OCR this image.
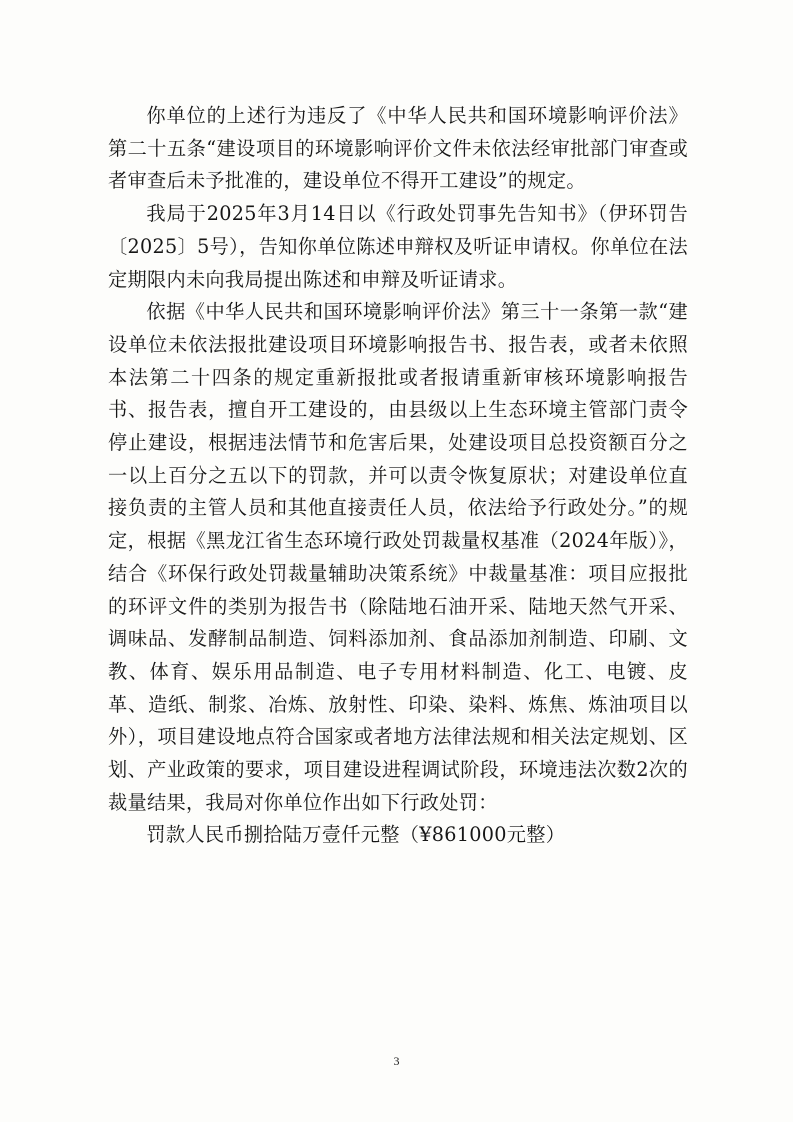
你单位的上述行为违反了《中华人民共和国环境影响评价法》第二十五条“建设项目的环境影响评价文件未依法经审批部门审查或者审查后未予批准的，建设单位不得开工建设”的规定。

我局于2025年3月14日以《行政处罚事先告知书》（伊环罚告〔2025〕5号），告知你单位陈述申辩权及听证申请权。你单位在法定期限内未向我局提出陈述和申辩及听证请求。

依据《中华人民共和国环境影响评价法》第三十一条第一款“建设单位未依法报批建设项目环境影响报告书、报告表，或者未依照本法第二十四条的规定重新报批或者报请重新审核环境影响报告书、报告表，擅自开工建设的，由县级以上生态环境主管部门责令停止建设，根据违法情节和危害后果，处建设项目总投资额百分之一以上百分之五以下的罚款，并可以责令恢复原状；对建设单位直接负责的主管人员和其他直接责任人员，依法给予行政处分。”的规定，根据《黑龙江省生态环境行政处罚裁量权基准（2024年版）》，结合《环保行政处罚裁量辅助决策系统》中裁量基准：项目应报批的环评文件的类别为报告书（除陆地石油开采、陆地天然气开采、调味品、发酵制品制造、饲料添加剂、食品添加剂制造、印刷、文教、体育、娱乐用品制造、电子专用材料制造、化工、电镀、皮革、造纸、制浆、冶炼、放射性、印染、染料、炼焦、炼油项目以外），项目建设地点符合国家或者地方法律法规和相关法定规划、区划、产业政策的要求，项目建设进程调试阶段，环境违法次数2次的裁量结果，我局对你单位作出如下行政处罚：

罚款人民币捌拾陆万壹仟元整（¥861000元整）

3
